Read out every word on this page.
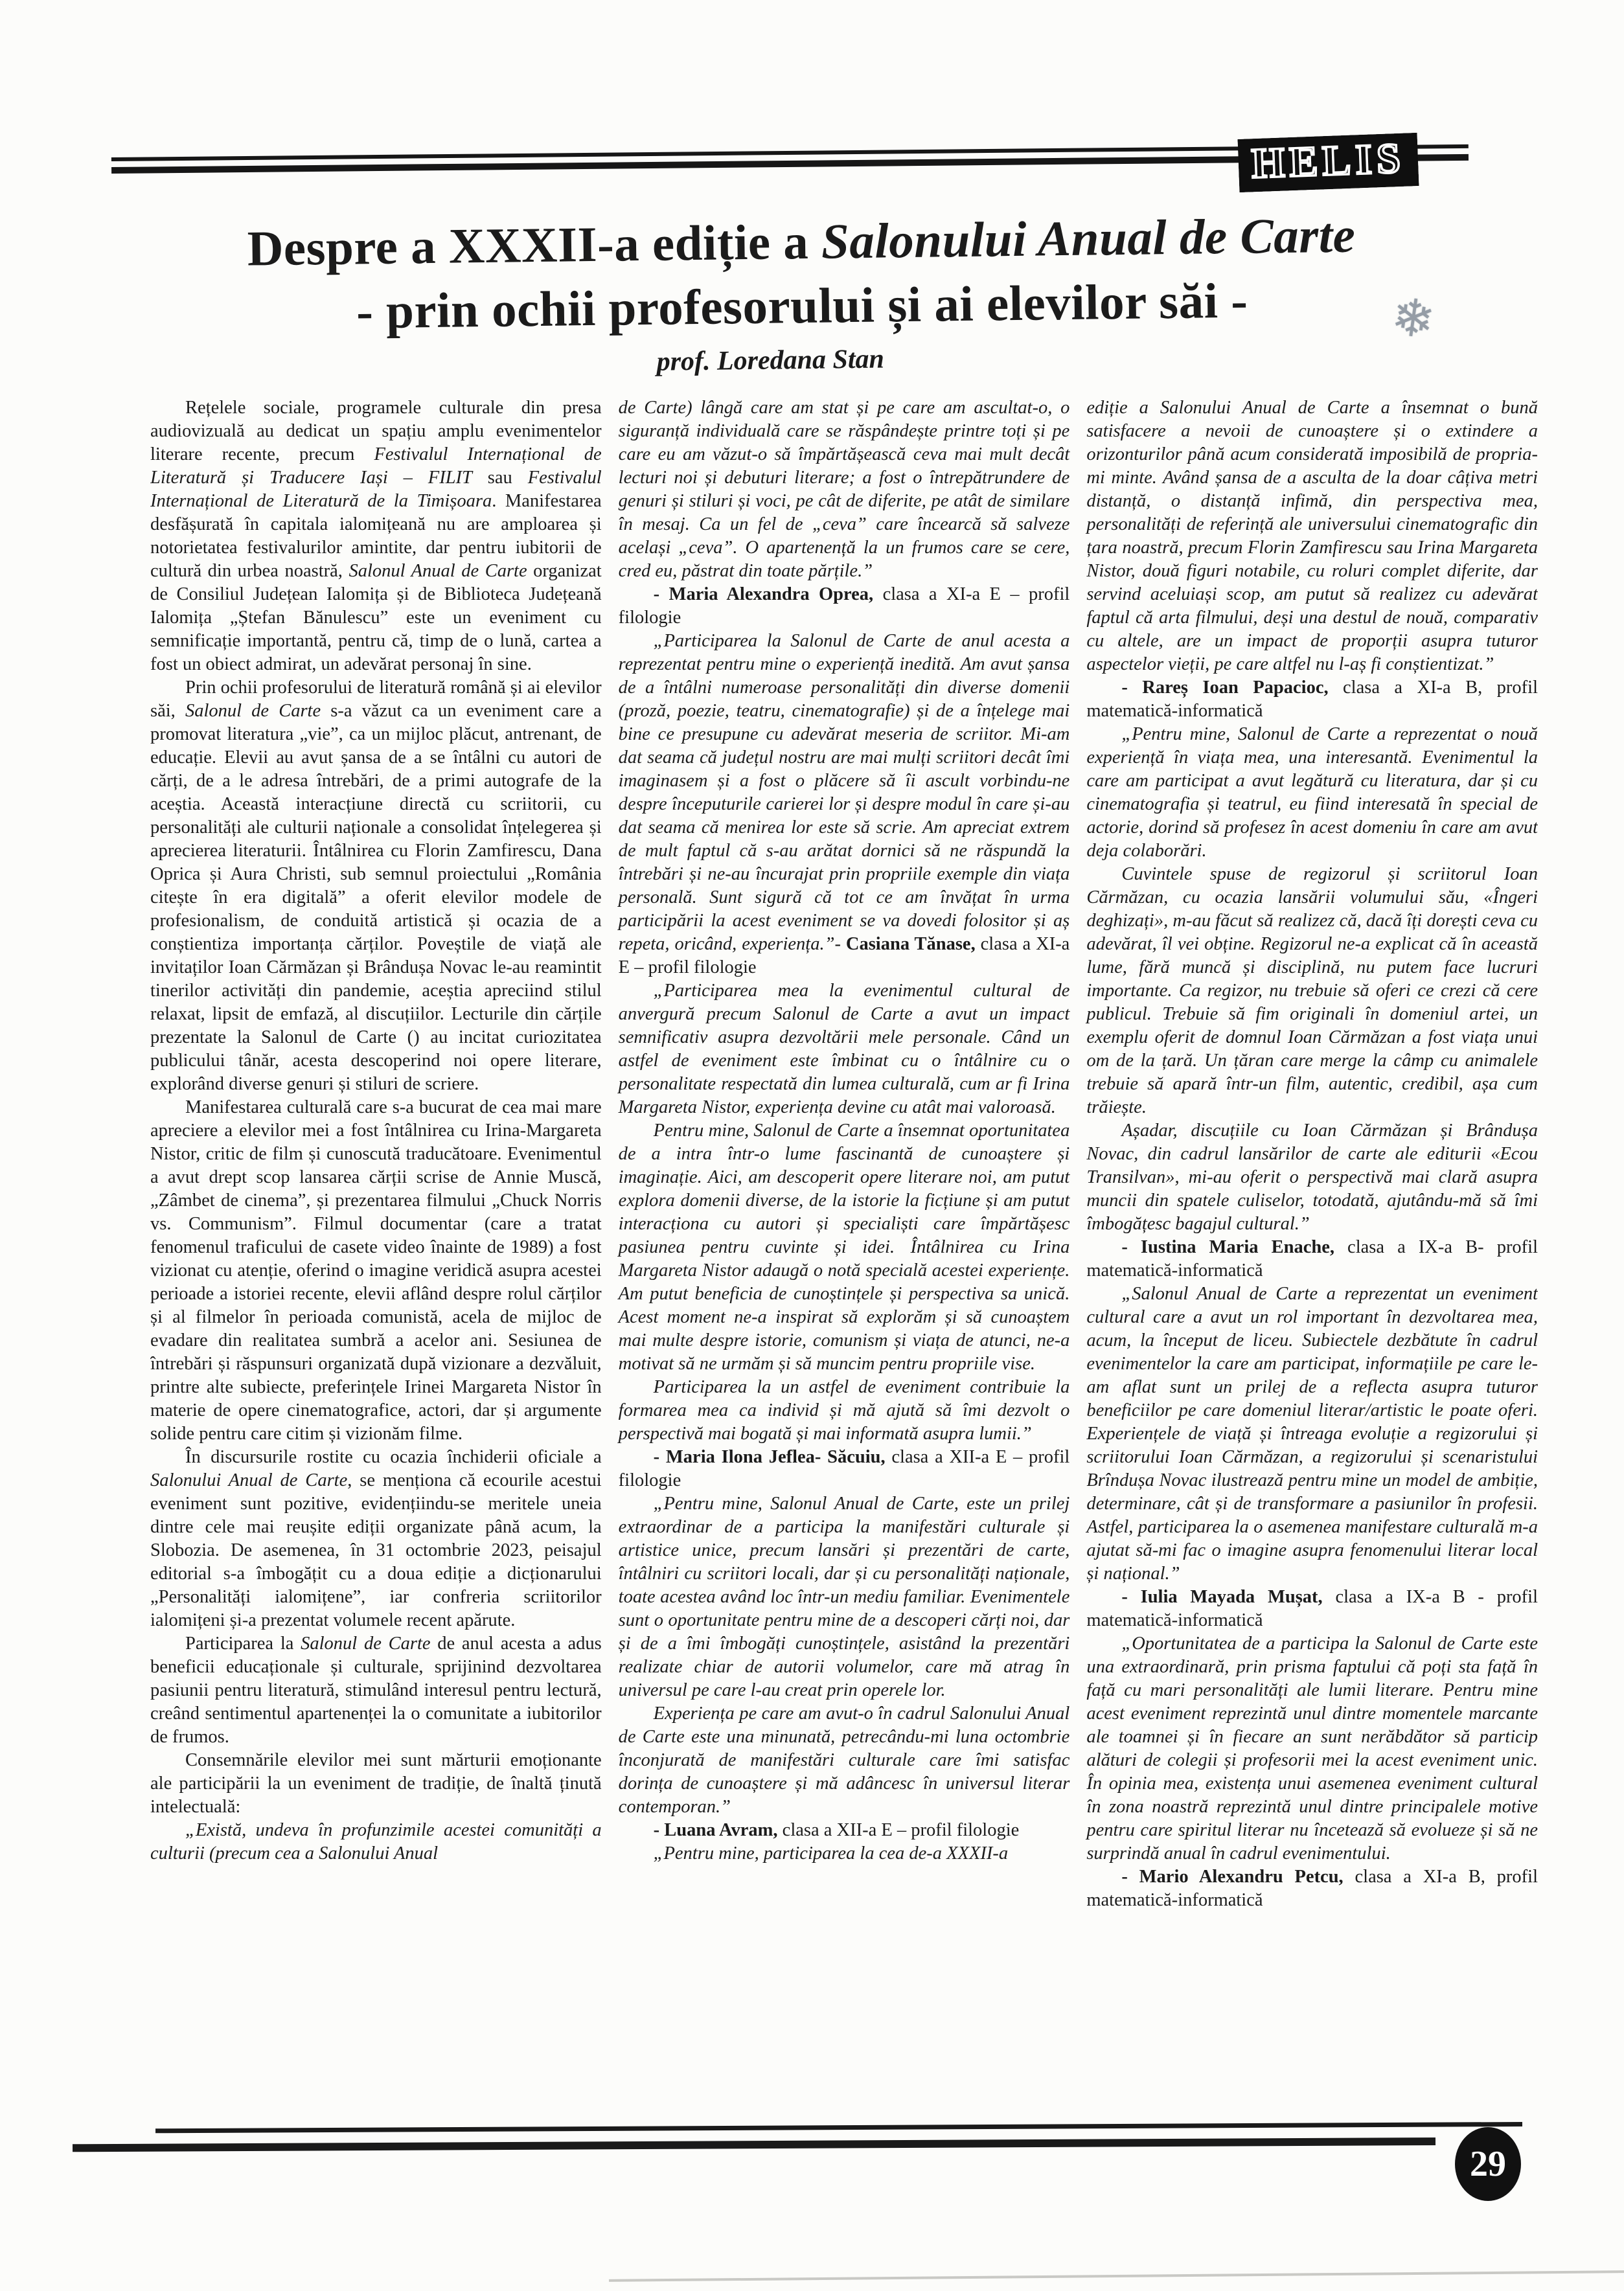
HELIS
Despre a XXXII-a ediție a Salonului Anual de Carte
- prin ochii profesorului și ai elevilor săi -
prof. Loredana Stan
❄

Rețelele sociale, programele culturale din presa audiovizuală au dedicat un spațiu amplu evenimentelor literare recente, precum Festivalul Internațional de Literatură și Traducere Iași – FILIT sau Festivalul Internațional de Literatură de la Timișoara. Manifestarea desfășurată în capitala ialomițeană nu are amploarea și notorietatea festivalurilor amintite, dar pentru iubitorii de cultură din urbea noastră, Salonul Anual de Carte organizat de Consiliul Județean Ialomița și de Biblioteca Județeană Ialomița „Ștefan Bănulescu” este un eveniment cu semnificație importantă, pentru că, timp de o lună, cartea a fost un obiect admirat, un adevărat personaj în sine.

Prin ochii profesorului de literatură română și ai elevilor săi, Salonul de Carte s-a văzut ca un eveniment care a promovat literatura „vie”, ca un mijloc plăcut, antrenant, de educație. Elevii au avut șansa de a se întâlni cu autori de cărți, de a le adresa întrebări, de a primi autografe de la aceștia. Această interacțiune directă cu scriitorii, cu personalități ale culturii naționale a consolidat înțelegerea și aprecierea literaturii. Întâlnirea cu Florin Zamfirescu, Dana Oprica și Aura Christi, sub semnul proiectului „România citește în era digitală” a oferit elevilor modele de profesionalism, de conduită artistică și ocazia de a conștientiza importanța cărților. Poveștile de viață ale invitaților Ioan Cărmăzan și Brândușa Novac le-au reamintit tinerilor activități din pandemie, aceștia apreciind stilul relaxat, lipsit de emfază, al discuțiilor. Lecturile din cărțile prezentate la Salonul de Carte () au incitat curiozitatea publicului tânăr, acesta descoperind noi opere literare, explorând diverse genuri și stiluri de scriere.

Manifestarea culturală care s-a bucurat de cea mai mare apreciere a elevilor mei a fost întâlnirea cu Irina-Margareta Nistor, critic de film și cunoscută traducătoare. Evenimentul a avut drept scop lansarea cărții scrise de Annie Muscă, „Zâmbet de cinema”, și prezentarea filmului „Chuck Norris vs. Communism”. Filmul documentar (care a tratat fenomenul traficului de casete video înainte de 1989) a fost vizionat cu atenție, oferind o imagine veridică asupra acestei perioade a istoriei recente, elevii aflând despre rolul cărților și al filmelor în perioada comunistă, acela de mijloc de evadare din realitatea sumbră a acelor ani. Sesiunea de întrebări și răspunsuri organizată după vizionare a dezvăluit, printre alte subiecte, preferințele Irinei Margareta Nistor în materie de opere cinematografice, actori, dar și argumente solide pentru care citim și vizionăm filme.

În discursurile rostite cu ocazia închiderii oficiale a Salonului Anual de Carte, se menționa că ecourile acestui eveniment sunt pozitive, evidențiindu-se meritele uneia dintre cele mai reușite ediții organizate până acum, la Slobozia. De asemenea, în 31 octombrie 2023, peisajul editorial s-a îmbogățit cu a doua ediție a dicționarului „Personalități ialomițene”, iar confreria scriitorilor ialomițeni și-a prezentat volumele recent apărute.

Participarea la Salonul de Carte de anul acesta a adus beneficii educaționale și culturale, sprijinind dezvoltarea pasiunii pentru literatură, stimulând interesul pentru lectură, creând sentimentul apartenenței la o comunitate a iubitorilor de frumos.

Consemnările elevilor mei sunt mărturii emoționante ale participării la un eveniment de tradiție, de înaltă ținută intelectuală:

„Există, undeva în profunzimile acestei comunități a culturii (precum cea a Salonului Anual

de Carte) lângă care am stat și pe care am ascultat-o, o siguranță individuală care se răspândește printre toți și pe care eu am văzut-o să împărtășească ceva mai mult decât lecturi noi și debuturi literare; a fost o întrepătrundere de genuri și stiluri și voci, pe cât de diferite, pe atât de similare în mesaj. Ca un fel de „ceva” care încearcă să salveze același „ceva”. O apartenență la un frumos care se cere, cred eu, păstrat din toate părțile.”

- Maria Alexandra Oprea, clasa a XI-a E – profil filologie

„Participarea la Salonul de Carte de anul acesta a reprezentat pentru mine o experiență inedită. Am avut șansa de a întâlni numeroase personalități din diverse domenii (proză, poezie, teatru, cinematografie) și de a înțelege mai bine ce presupune cu adevărat meseria de scriitor. Mi-am dat seama că județul nostru are mai mulți scriitori decât îmi imaginasem și a fost o plăcere să îi ascult vorbindu-ne despre începuturile carierei lor și despre modul în care și-au dat seama că menirea lor este să scrie. Am apreciat extrem de mult faptul că s-au arătat dornici să ne răspundă la întrebări și ne-au încurajat prin propriile exemple din viața personală. Sunt sigură că tot ce am învățat în urma participării la acest eveniment se va dovedi folositor și aș repeta, oricând, experiența.”- Casiana Tănase, clasa a XI-a E – profil filologie

„Participarea mea la evenimentul cultural de anvergură precum Salonul de Carte a avut un impact semnificativ asupra dezvoltării mele personale. Când un astfel de eveniment este îmbinat cu o întâlnire cu o personalitate respectată din lumea culturală, cum ar fi Irina Margareta Nistor, experiența devine cu atât mai valoroasă.

Pentru mine, Salonul de Carte a însemnat oportunitatea de a intra într-o lume fascinantă de cunoaștere și imaginație. Aici, am descoperit opere literare noi, am putut explora domenii diverse, de la istorie la ficțiune și am putut interacționa cu autori și specialiști care împărtășesc pasiunea pentru cuvinte și idei. Întâlnirea cu Irina Margareta Nistor adaugă o notă specială acestei experiențe. Am putut beneficia de cunoștințele și perspectiva sa unică. Acest moment ne-a inspirat să explorăm și să cunoaștem mai multe despre istorie, comunism și viața de atunci, ne-a motivat să ne urmăm și să muncim pentru propriile vise.

Participarea la un astfel de eveniment contribuie la formarea mea ca individ și mă ajută să îmi dezvolt o perspectivă mai bogată și mai informată asupra lumii.”

- Maria Ilona Jeflea- Săcuiu, clasa a XII-a E – profil filologie

„Pentru mine, Salonul Anual de Carte, este un prilej extraordinar de a participa la manifestări culturale și artistice unice, precum lansări și prezentări de carte, întâlniri cu scriitori locali, dar și cu personalități naționale, toate acestea având loc într-un mediu familiar. Evenimentele sunt o oportunitate pentru mine de a descoperi cărți noi, dar și de a îmi îmbogăți cunoștințele, asistând la prezentări realizate chiar de autorii volumelor, care mă atrag în universul pe care l-au creat prin operele lor.

Experiența pe care am avut-o în cadrul Salonului Anual de Carte este una minunată, petrecându-mi luna octombrie înconjurată de manifestări culturale care îmi satisfac dorința de cunoaștere și mă adâncesc în universul literar contemporan.”

- Luana Avram, clasa a XII-a E – profil filologie

„Pentru mine, participarea la cea de-a XXXII-a

ediție a Salonului Anual de Carte a însemnat o bună satisfacere a nevoii de cunoaștere și o extindere a orizonturilor până acum considerată imposibilă de propria-mi minte. Având șansa de a asculta de la doar câțiva metri distanță, o distanță infimă, din perspectiva mea, personalități de referință ale universului cinematografic din țara noastră, precum Florin Zamfirescu sau Irina Margareta Nistor, două figuri notabile, cu roluri complet diferite, dar servind aceluiași scop, am putut să realizez cu adevărat faptul că arta filmului, deși una destul de nouă, comparativ cu altele, are un impact de proporții asupra tuturor aspectelor vieții, pe care altfel nu l-aș fi conștientizat.”

- Rareș Ioan Papacioc, clasa a XI-a B, profil matematică-informatică

„Pentru mine, Salonul de Carte a reprezentat o nouă experiență în viața mea, una interesantă. Evenimentul la care am participat a avut legătură cu literatura, dar și cu cinematografia și teatrul, eu fiind interesată în special de actorie, dorind să profesez în acest domeniu în care am avut deja colaborări.

Cuvintele spuse de regizorul și scriitorul Ioan Cărmăzan, cu ocazia lansării volumului său, «Îngeri deghizați», m-au făcut să realizez că, dacă îți dorești ceva cu adevărat, îl vei obține. Regizorul ne-a explicat că în această lume, fără muncă și disciplină, nu putem face lucruri importante. Ca regizor, nu trebuie să oferi ce crezi că cere publicul. Trebuie să fim originali în domeniul artei, un exemplu oferit de domnul Ioan Cărmăzan a fost viața unui om de la țară. Un țăran care merge la câmp cu animalele trebuie să apară într-un film, autentic, credibil, așa cum trăiește.

Așadar, discuțiile cu Ioan Cărmăzan și Brândușa Novac, din cadrul lansărilor de carte ale editurii «Ecou Transilvan», mi-au oferit o perspectivă mai clară asupra muncii din spatele culiselor, totodată, ajutându-mă să îmi îmbogățesc bagajul cultural.”

- Iustina Maria Enache, clasa a IX-a B- profil matematică-informatică

„Salonul Anual de Carte a reprezentat un eveniment cultural care a avut un rol important în dezvoltarea mea, acum, la început de liceu. Subiectele dezbătute în cadrul evenimentelor la care am participat, informațiile pe care le-am aflat sunt un prilej de a reflecta asupra tuturor beneficiilor pe care domeniul literar/artistic le poate oferi. Experiențele de viață și întreaga evoluție a regizorului și scriitorului Ioan Cărmăzan, a regizorului și scenaristului Brîndușa Novac ilustrează pentru mine un model de ambiție, determinare, cât și de transformare a pasiunilor în profesii. Astfel, participarea la o asemenea manifestare culturală m-a ajutat să-mi fac o imagine asupra fenomenului literar local și național.”

- Iulia Mayada Mușat, clasa a IX-a B - profil matematică-informatică

„Oportunitatea de a participa la Salonul de Carte este una extraordinară, prin prisma faptului că poți sta față în față cu mari personalități ale lumii literare. Pentru mine acest eveniment reprezintă unul dintre momentele marcante ale toamnei și în fiecare an sunt nerăbdător să particip alături de colegii și profesorii mei la acest eveniment unic. În opinia mea, existența unui asemenea eveniment cultural în zona noastră reprezintă unul dintre principalele motive pentru care spiritul literar nu încetează să evolueze și să ne surprindă anual în cadrul evenimentului.

- Mario Alexandru Petcu, clasa a XI-a B, profil matematică-informatică

29
